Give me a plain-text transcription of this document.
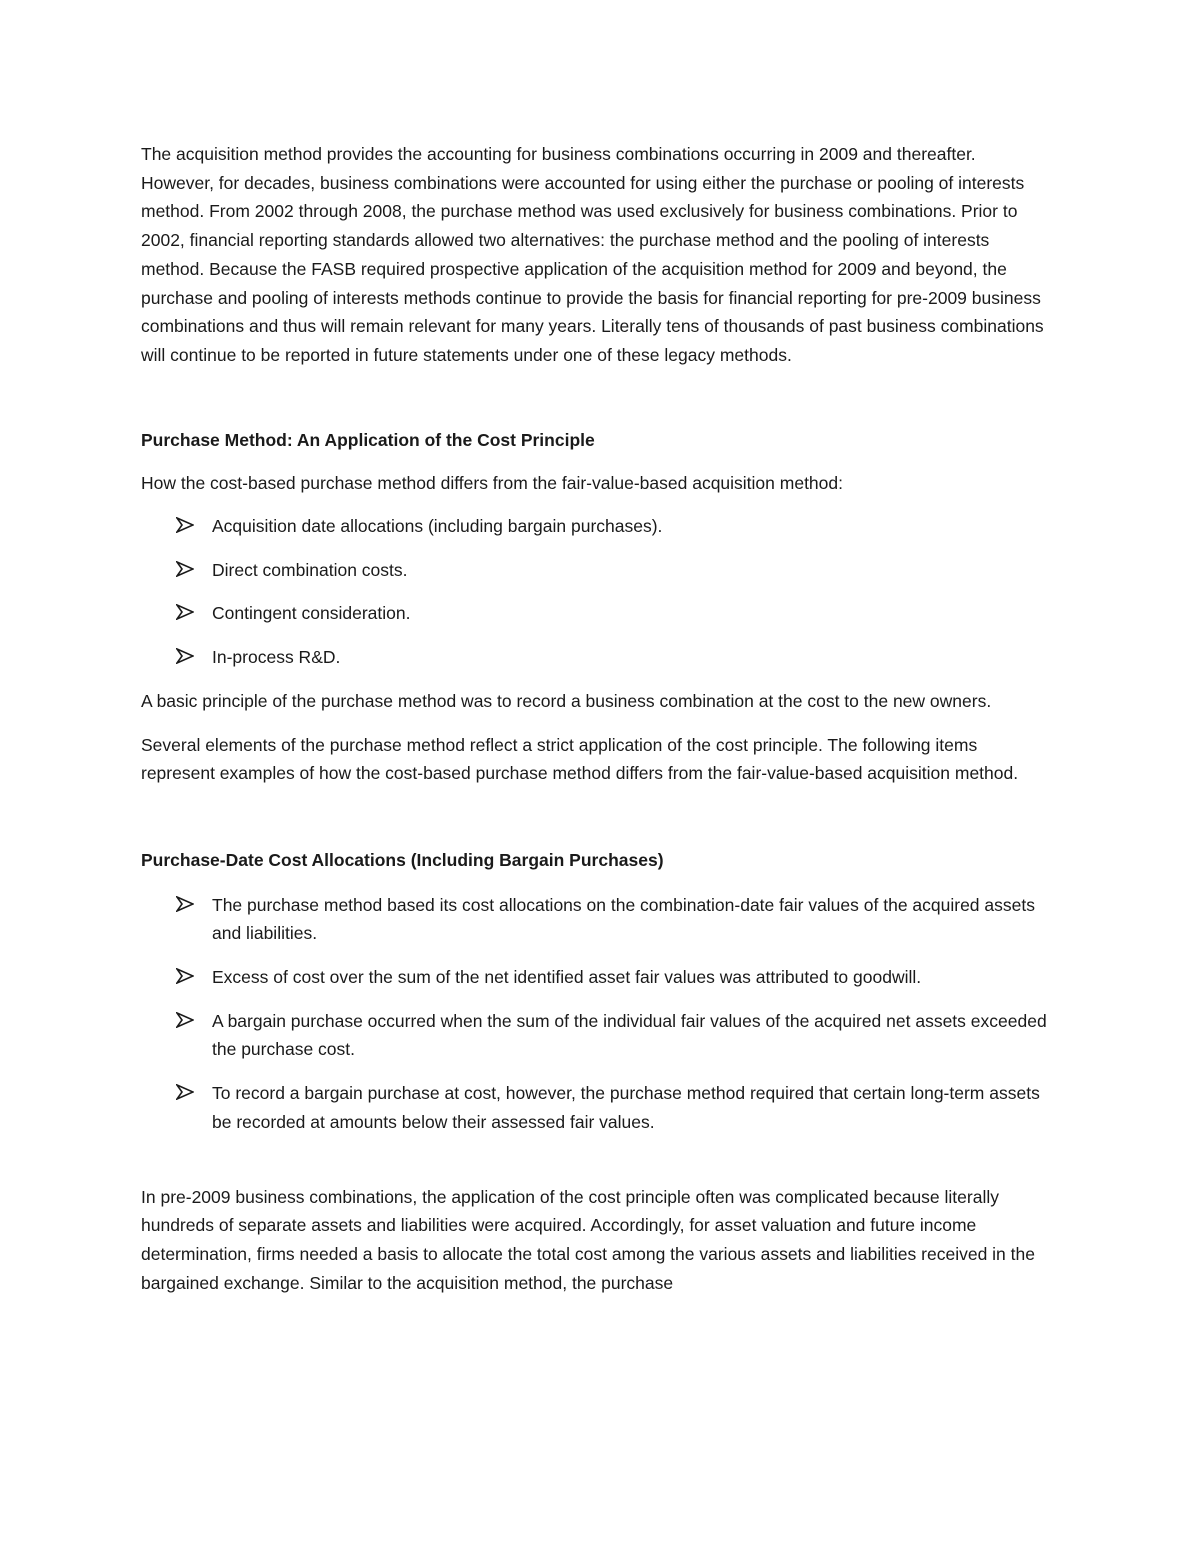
The acquisition method provides the accounting for business combinations occurring in 2009 and thereafter. However, for decades, business combinations were accounted for using either the purchase or pooling of interests method. From 2002 through 2008, the purchase method was used exclusively for business combinations. Prior to 2002, financial reporting standards allowed two alternatives: the purchase method and the pooling of interests method. Because the FASB required prospective application of the acquisition method for 2009 and beyond, the purchase and pooling of interests methods continue to provide the basis for financial reporting for pre-2009 business combinations and thus will remain relevant for many years. Literally tens of thousands of past business combinations will continue to be reported in future statements under one of these legacy methods.

Purchase Method: An Application of the Cost Principle

How the cost-based purchase method differs from the fair-value-based acquisition method:

Acquisition date allocations (including bargain purchases).
Direct combination costs.
Contingent consideration.
In-process R&D.

A basic principle of the purchase method was to record a business combination at the cost to the new owners.

Several elements of the purchase method reflect a strict application of the cost principle. The following items represent examples of how the cost-based purchase method differs from the fair-value-based acquisition method.

Purchase-Date Cost Allocations (Including Bargain Purchases)

The purchase method based its cost allocations on the combination-date fair values of the acquired assets and liabilities.
Excess of cost over the sum of the net identified asset fair values was attributed to goodwill.
A bargain purchase occurred when the sum of the individual fair values of the acquired net assets exceeded the purchase cost.
To record a bargain purchase at cost, however, the purchase method required that certain long-term assets be recorded at amounts below their assessed fair values.

In pre-2009 business combinations, the application of the cost principle often was complicated because literally hundreds of separate assets and liabilities were acquired. Accordingly, for asset valuation and future income determination, firms needed a basis to allocate the total cost among the various assets and liabilities received in the bargained exchange. Similar to the acquisition method, the purchase
